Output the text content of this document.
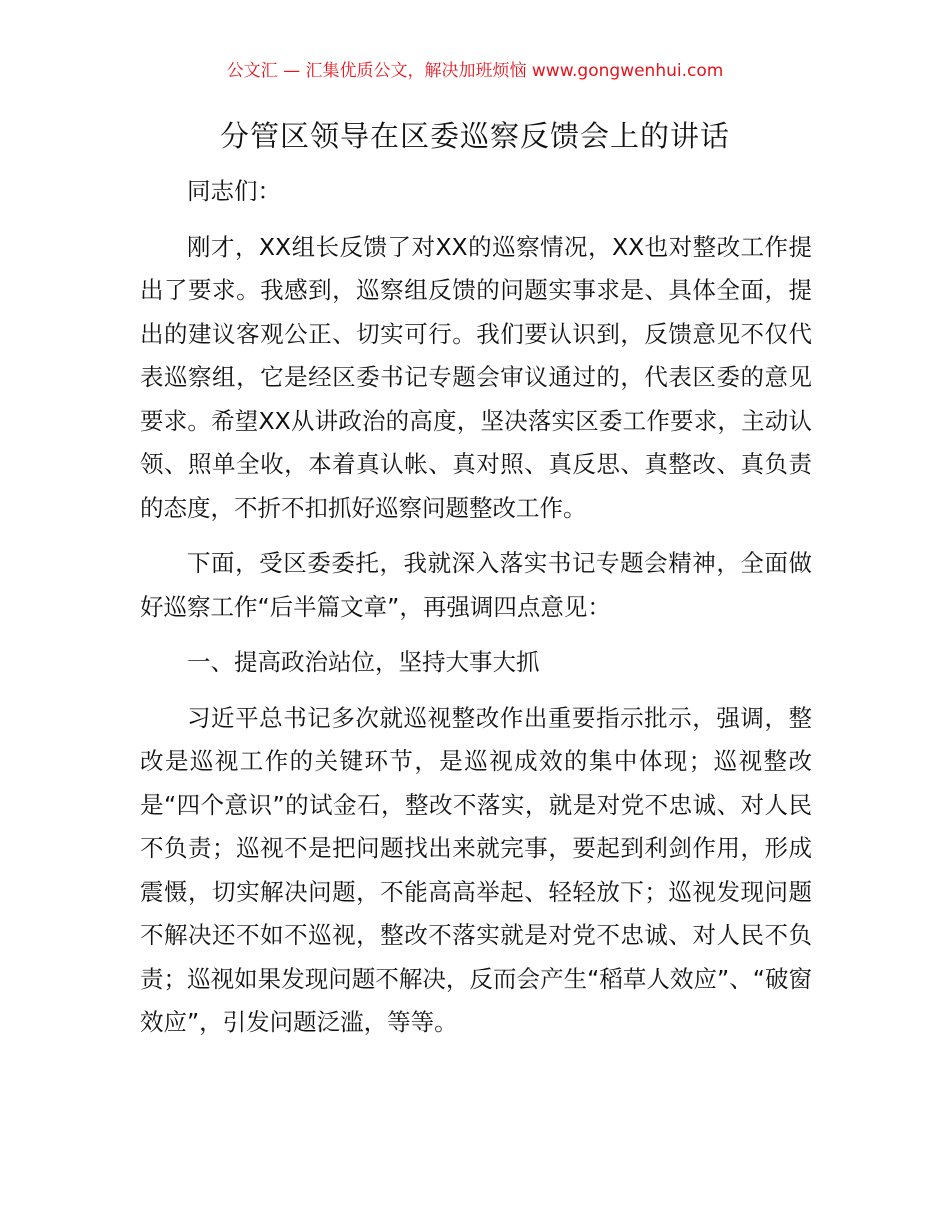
公文汇 — 汇集优质公文，解决加班烦恼 www.gongwenhui.com
分管区领导在区委巡察反馈会上的讲话

同志们：

刚才，XX组长反馈了对XX的巡察情况，XX也对整改工作提出了要求。我感到，巡察组反馈的问题实事求是、具体全面，提出的建议客观公正、切实可行。我们要认识到，反馈意见不仅代表巡察组，它是经区委书记专题会审议通过的，代表区委的意见要求。希望XX从讲政治的高度，坚决落实区委工作要求，主动认领、照单全收，本着真认帐、真对照、真反思、真整改、真负责的态度，不折不扣抓好巡察问题整改工作。

下面，受区委委托，我就深入落实书记专题会精神，全面做好巡察工作“后半篇文章”，再强调四点意见：

一、提高政治站位，坚持大事大抓

习近平总书记多次就巡视整改作出重要指示批示，强调，整改是巡视工作的关键环节，是巡视成效的集中体现；巡视整改是“四个意识”的试金石，整改不落实，就是对党不忠诚、对人民不负责；巡视不是把问题找出来就完事，要起到利剑作用，形成震慑，切实解决问题，不能高高举起、轻轻放下；巡视发现问题不解决还不如不巡视，整改不落实就是对党不忠诚、对人民不负责；巡视如果发现问题不解决，反而会产生“稻草人效应”、“破窗效应”，引发问题泛滥，等等。
